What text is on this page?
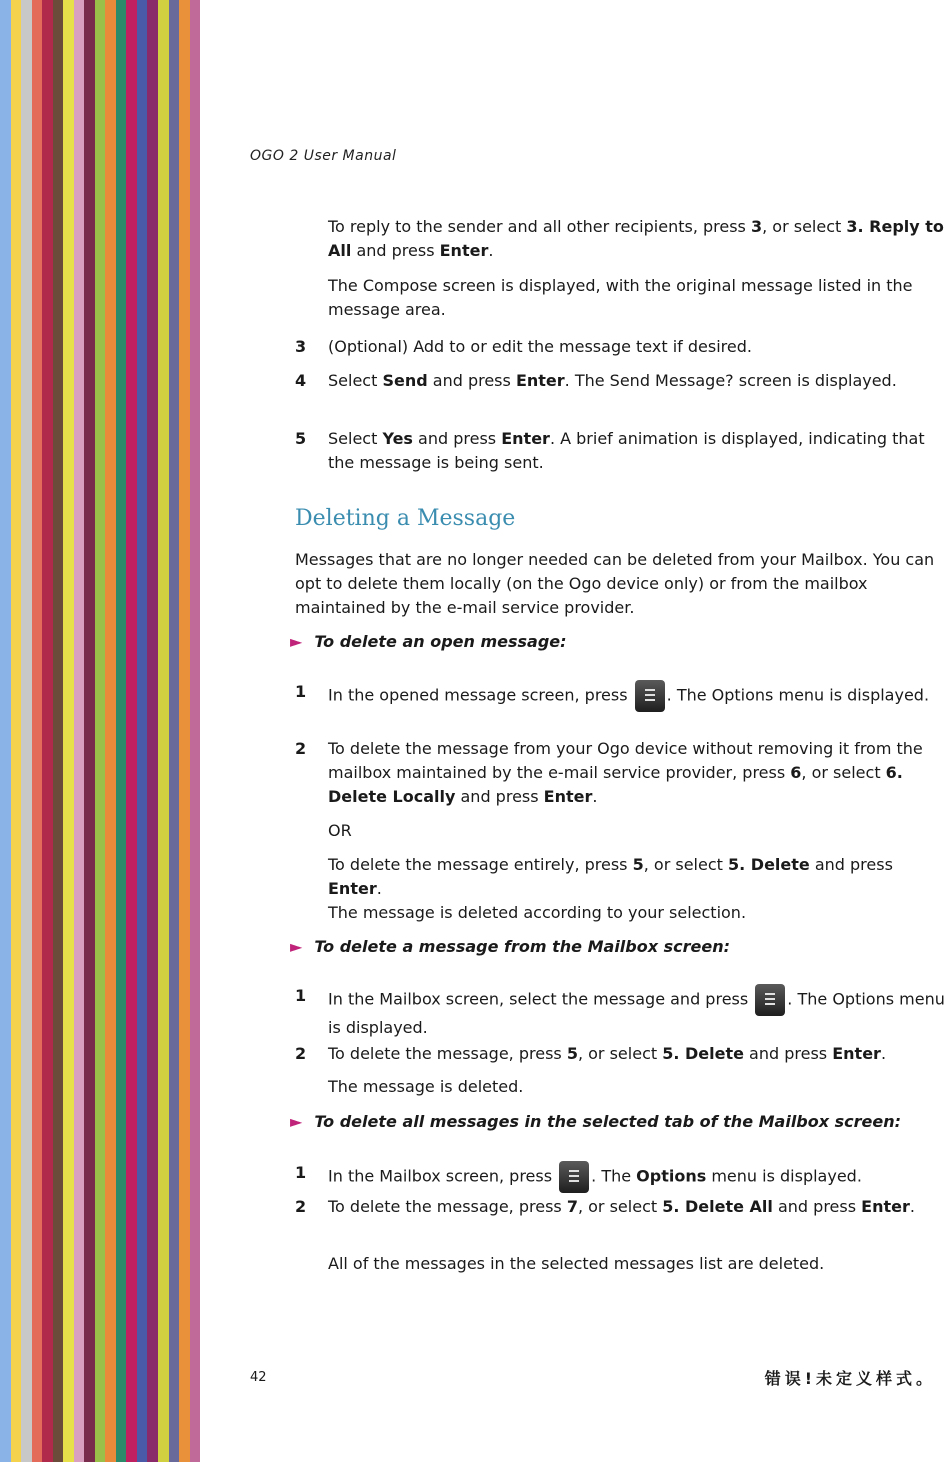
OGO 2 User Manual
To reply to the sender and all other recipients, press 3, or select 3. Reply to All and press Enter.
The Compose screen is displayed, with the original message listed in the message area.
3 (Optional) Add to or edit the message text if desired.
4 Select Send and press Enter. The Send Message? screen is displayed.
5 Select Yes and press Enter. A brief animation is displayed, indicating that the message is being sent.
Deleting a Message
Messages that are no longer needed can be deleted from your Mailbox. You can opt to delete them locally (on the Ogo device only) or from the mailbox maintained by the e-mail service provider.
► To delete an open message:
1 In the opened message screen, press
. The Options menu is displayed.
2 To delete the message from your Ogo device without removing it from the mailbox maintained by the e-mail service provider, press 6, or select 6. Delete Locally and press Enter.
OR
To delete the message entirely, press 5, or select 5. Delete and press Enter.
The message is deleted according to your selection.
► To delete a message from the Mailbox screen:
1 In the Mailbox screen, select the message and press
. The Options menu is displayed.
2 To delete the message, press 5, or select 5. Delete and press Enter.
The message is deleted.
► To delete all messages in the selected tab of the Mailbox screen:
1 In the Mailbox screen, press
. The Options menu is displayed.
2 To delete the message, press 7, or select 5. Delete All and press Enter.
All of the messages in the selected messages list are deleted.
42	错误!未定义样式。
